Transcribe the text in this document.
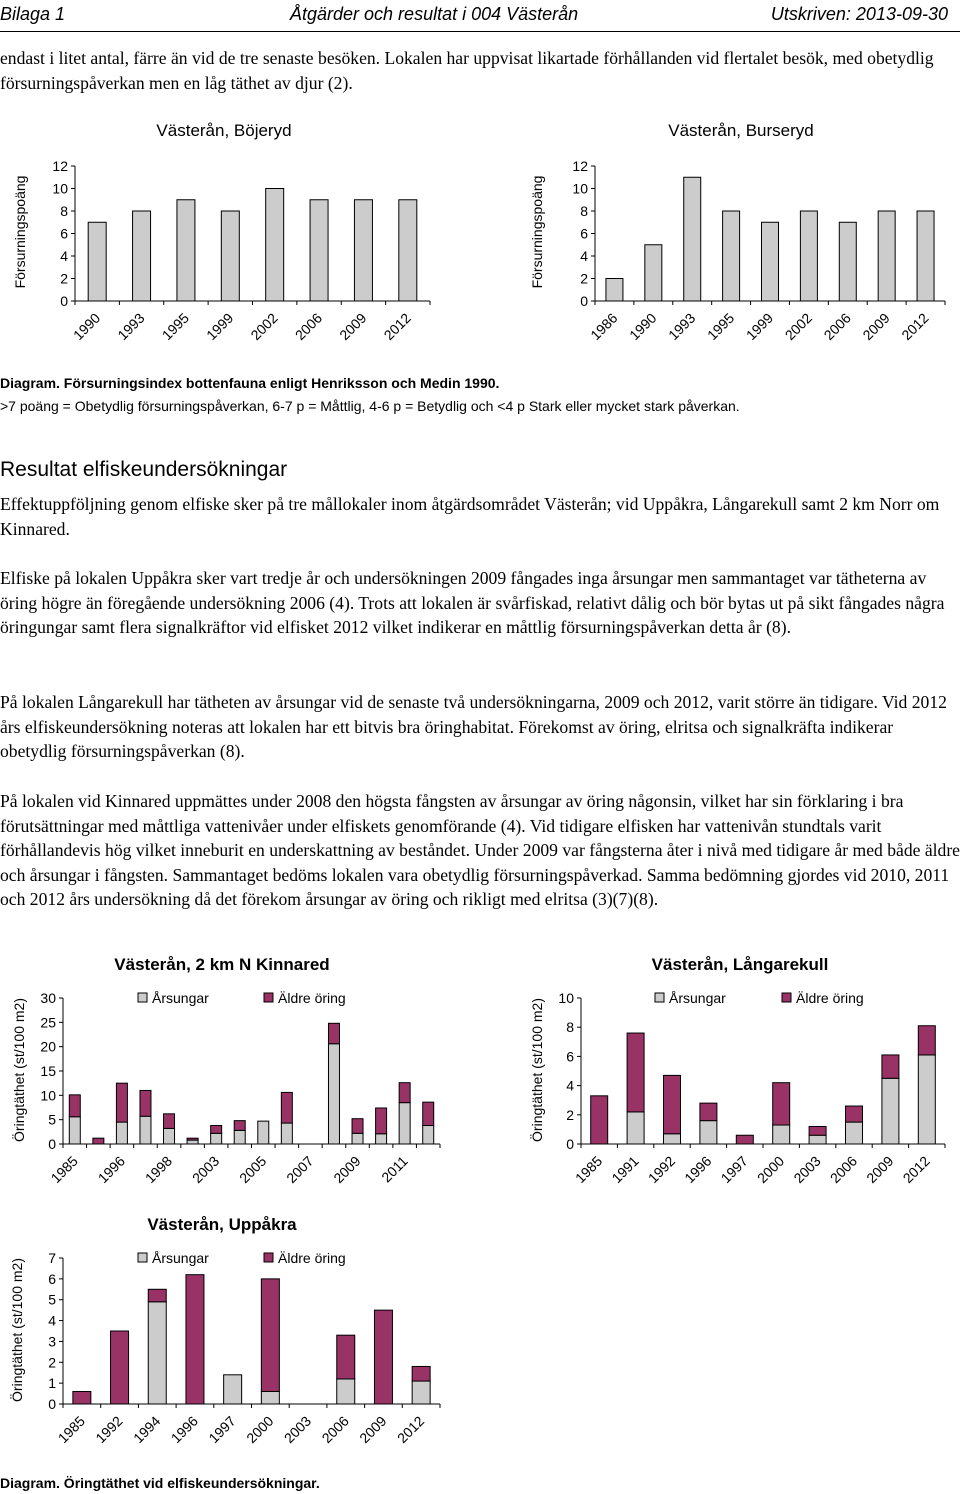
Bilaga 1	Åtgärder och resultat i 004 Västerån	Utskriven: 2013-09-30

endast i litet antal, färre än vid de tre senaste besöken. Lokalen har uppvisat likartade förhållanden vid flertalet besök, med obetydlig försurningspåverkan men en låg täthet av djur (2).

Västerån, Böjeryd
Försurningspoäng
0
2
4
6
8
10
12
1990 1993 1995 1999 2002 2006 2009 2012
Västerån, Burseryd
Försurningspoäng
0
2
4
6
8
10
12
1986 1990 1993 1995 1999 2002 2006 2009 2012
Diagram. Försurningsindex bottenfauna enligt Henriksson och Medin 1990.
>7 poäng = Obetydlig försurningspåverkan, 6-7 p = Måttlig, 4-6 p = Betydlig och <4 p Stark eller mycket stark påverkan.
Resultat elfiskeundersökningar

Effektuppföljning genom elfiske sker på tre mållokaler inom åtgärdsområdet Västerån; vid Uppåkra, Långarekull samt 2 km Norr om Kinnared.

Elfiske på lokalen Uppåkra sker vart tredje år och undersökningen 2009 fångades inga årsungar men sammantaget var tätheterna av öring högre än föregående undersökning 2006 (4). Trots att lokalen är svårfiskad, relativt dålig och bör bytas ut på sikt fångades några öringungar samt flera signalkräftor vid elfisket 2012 vilket indikerar en måttlig försurningspåverkan detta år (8).

På lokalen Långarekull har tätheten av årsungar vid de senaste två undersökningarna, 2009 och 2012, varit större än tidigare. Vid 2012 års elfiskeundersökning noteras att lokalen har ett bitvis bra öringhabitat. Förekomst av öring, elritsa och signalkräfta indikerar obetydlig försurningspåverkan (8).

På lokalen vid Kinnared uppmättes under 2008 den högsta fångsten av årsungar av öring någonsin, vilket har sin förklaring i bra förutsättningar med måttliga vattenivåer under elfiskets genomförande (4). Vid tidigare elfisken har vattenivån stundtals varit förhållandevis hög vilket inneburit en underskattning av beståndet. Under 2009 var fångsterna åter i nivå med tidigare år med både äldre och årsungar i fångsten. Sammantaget bedöms lokalen vara obetydlig försurningspåverkad. Samma bedömning gjordes vid 2010, 2011 och 2012 års undersökning då det förekom årsungar av öring och rikligt med elritsa (3)(7)(8).

Västerån, 2 km N Kinnared
Öringtäthet (st/100 m2)
Årsungar	Äldre öring
0
5
10
15
20
25
30
1985 1996 1998 2003 2005 2007 2009 2011
Västerån, Långarekull
Öringtäthet (st/100 m2)
Årsungar	Äldre öring
0
2
4
6
8
10
1985 1991 1992 1996 1997 2000 2003 2006 2009 2012
Västerån, Uppåkra
Öringtäthet (st/100 m2)
Årsungar	Äldre öring
0
1
2
3
4
5
6
7
1985 1992 1994 1996 1997 2000 2003 2006 2009 2012
Diagram. Öringtäthet vid elfiskeundersökningar.
